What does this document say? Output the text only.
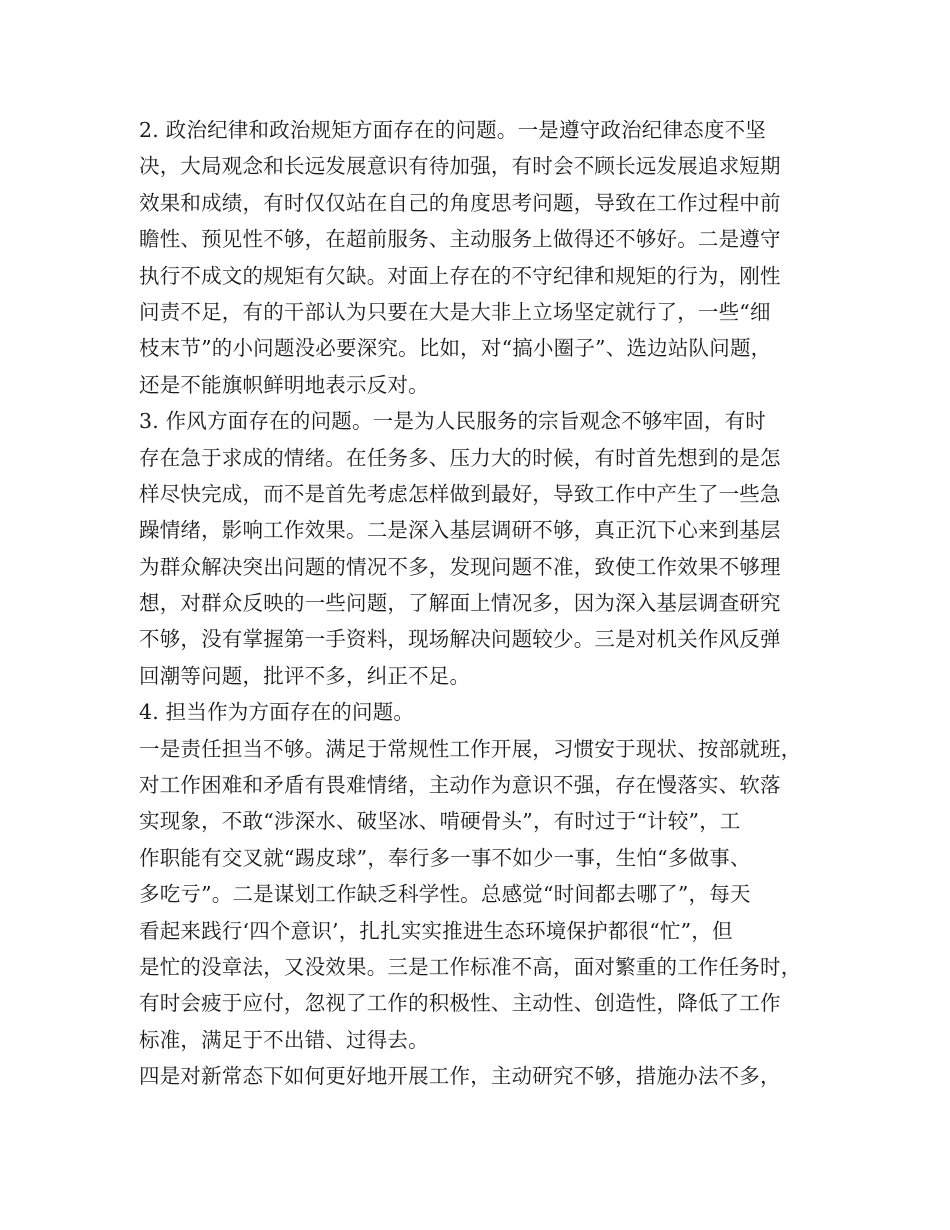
2. 政治纪律和政治规矩方面存在的问题。一是遵守政治纪律态度不坚
决，大局观念和长远发展意识有待加强，有时会不顾长远发展追求短期
效果和成绩，有时仅仅站在自己的角度思考问题，导致在工作过程中前
瞻性、预见性不够，在超前服务、主动服务上做得还不够好。二是遵守
执行不成文的规矩有欠缺。对面上存在的不守纪律和规矩的行为，刚性
问责不足，有的干部认为只要在大是大非上立场坚定就行了，一些“细
枝末节”的小问题没必要深究。比如，对“搞小圈子”、选边站队问题，
还是不能旗帜鲜明地表示反对。
3. 作风方面存在的问题。一是为人民服务的宗旨观念不够牢固，有时
存在急于求成的情绪。在任务多、压力大的时候，有时首先想到的是怎
样尽快完成，而不是首先考虑怎样做到最好，导致工作中产生了一些急
躁情绪，影响工作效果。二是深入基层调研不够，真正沉下心来到基层
为群众解决突出问题的情况不多，发现问题不准，致使工作效果不够理
想，对群众反映的一些问题，了解面上情况多，因为深入基层调查研究
不够，没有掌握第一手资料，现场解决问题较少。三是对机关作风反弹
回潮等问题，批评不多，纠正不足。
4. 担当作为方面存在的问题。
一是责任担当不够。满足于常规性工作开展，习惯安于现状、按部就班，
对工作困难和矛盾有畏难情绪，主动作为意识不强，存在慢落实、软落
实现象，不敢“涉深水、破坚冰、啃硬骨头”，有时过于“计较”，工
作职能有交叉就“踢皮球”，奉行多一事不如少一事，生怕“多做事、
多吃亏”。二是谋划工作缺乏科学性。总感觉“时间都去哪了”，每天
看起来践行‘四个意识’，扎扎实实推进生态环境保护都很“忙”，但
是忙的没章法，又没效果。三是工作标准不高，面对繁重的工作任务时，
有时会疲于应付，忽视了工作的积极性、主动性、创造性，降低了工作
标准，满足于不出错、过得去。
四是对新常态下如何更好地开展工作，主动研究不够，措施办法不多，
